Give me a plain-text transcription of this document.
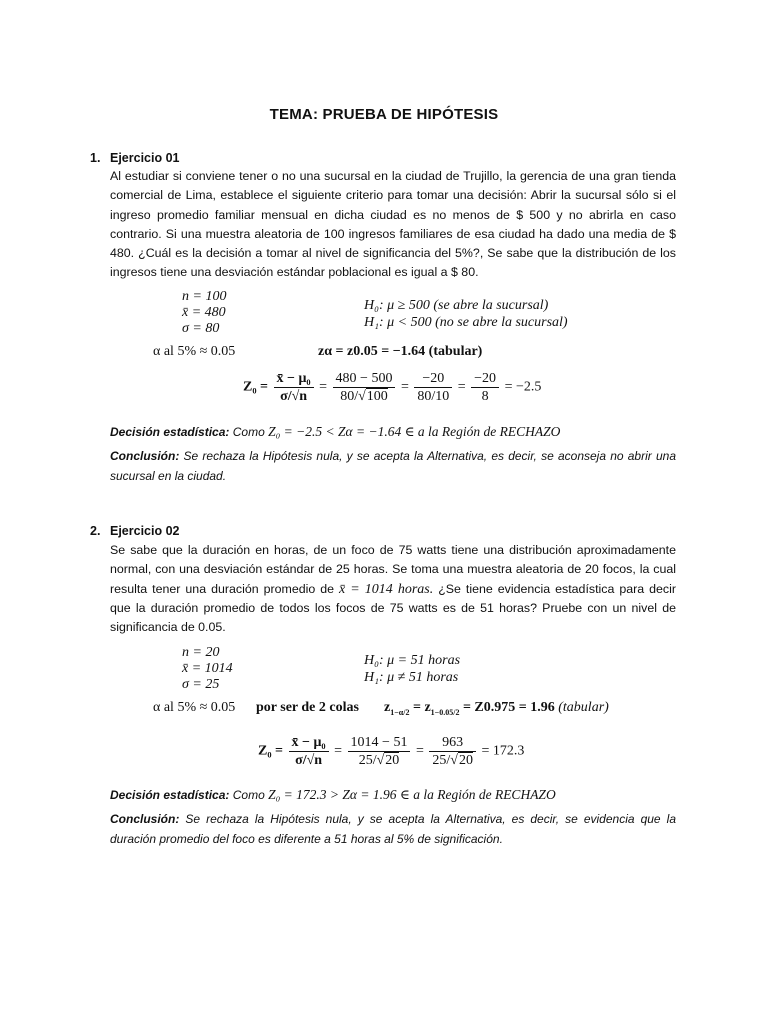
TEMA: PRUEBA DE HIPÓTESIS
1. Ejercicio 01
Al estudiar si conviene tener o no una sucursal en la ciudad de Trujillo, la gerencia de una gran tienda comercial de Lima, establece el siguiente criterio para tomar una decisión: Abrir la sucursal sólo si el ingreso promedio familiar mensual en dicha ciudad es no menos de $ 500 y no abrirla en caso contrario. Si una muestra aleatoria de 100 ingresos familiares de esa ciudad ha dado una media de $ 480. ¿Cuál es la decisión a tomar al nivel de significancia del 5%?, Se sabe que la distribución de los ingresos tiene una desviación estándar poblacional es igual a $ 80.
n = 100
x̄ = 480
σ = 80
H₀: μ ≥ 500 (se abre la sucursal)
H₁: μ < 500 (no se abre la sucursal)
α al 5% ≈ 0.05	zα = z0.05 = −1.64 (tabular)
$Z_0 = \frac{\text{x̄ − μ₀}}{\sigma/√n} = \frac{480 - 500}{80/√100} = \frac{-20}{80/10} = \frac{-20}{8} = -2.5$
Decisión estadística: Como Z₀ = −2.5 < Zα = −1.64 ∈ a la Región de RECHAZO
Conclusión: Se rechaza la Hipótesis nula, y se acepta la Alternativa, es decir, se aconseja no abrir una sucursal en la ciudad.
2. Ejercicio 02
Se sabe que la duración en horas, de un foco de 75 watts tiene una distribución aproximadamente normal, con una desviación estándar de 25 horas. Se toma una muestra aleatoria de 20 focos, la cual resulta tener una duración promedio de x̄ = 1014 horas. ¿Se tiene evidencia estadística para decir que la duración promedio de todos los focos de 75 watts es de 51 horas? Pruebe con un nivel de significancia de 0.05.
n = 20
x̄ = 1014
σ = 25
H₀: μ = 51 horas
H₁: μ ≠ 51 horas
α al 5% ≈ 0.05 por ser de 2 colas $z_{1-\alpha/2} = z_{1-0.05/2} = Z0.975 = 1.96$ (tabular)
$Z_0 = \frac{\text{x̄ − μ₀}}{\sigma/√n} = \frac{1014 - 51}{25/√20} = \frac{963}{25/√20} = 172.3$
Decisión estadística: Como Z₀ = 172.3 > Zα = 1.96 ∈ a la Región de RECHAZO
Conclusión: Se rechaza la Hipótesis nula, y se acepta la Alternativa, es decir, se evidencia que la duración promedio del foco es diferente a 51 horas al 5% de significación.
